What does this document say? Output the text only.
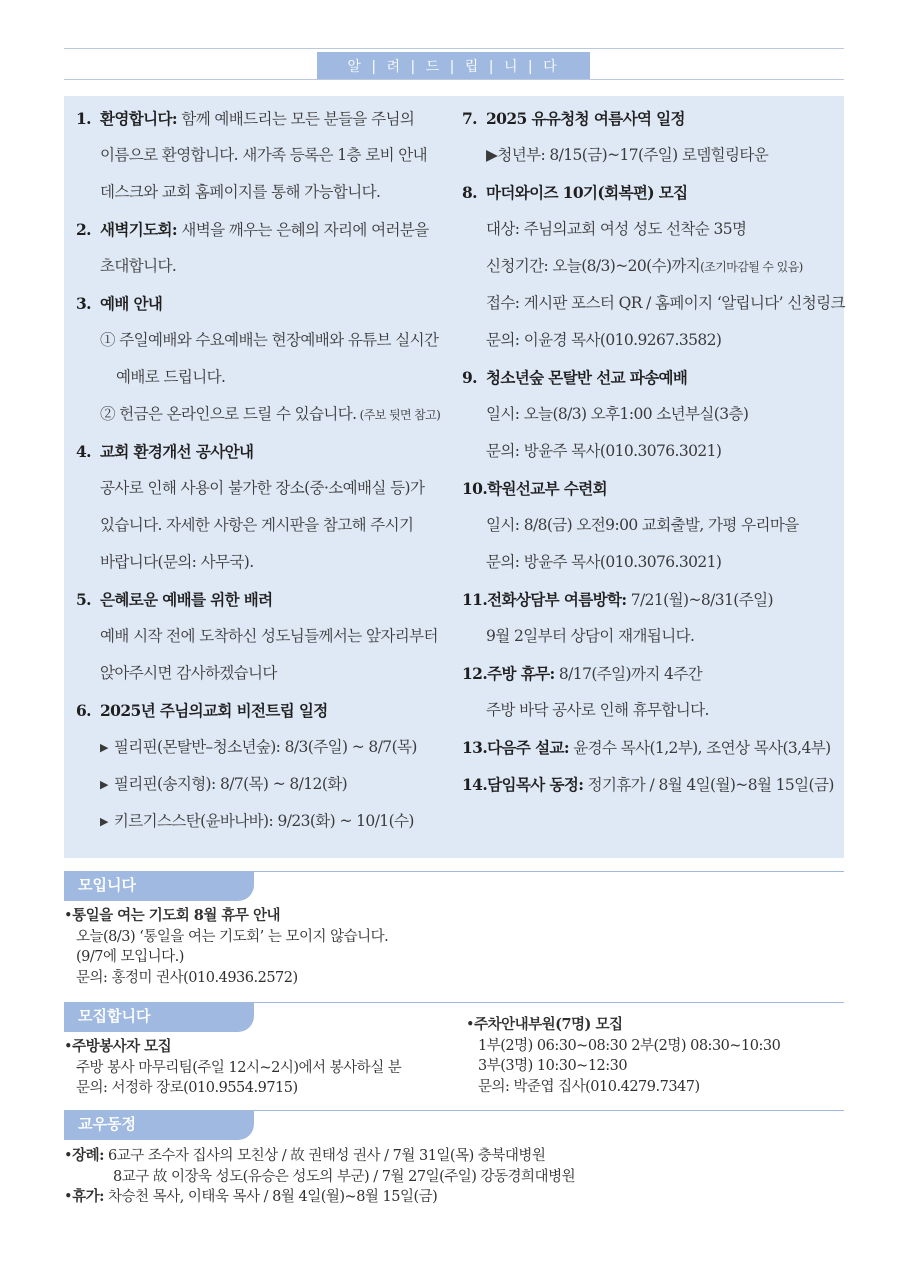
알 | 려 | 드 | 립 | 니 | 다
1. 환영합니다: 함께 예배드리는 모든 분들을 주님의
이름으로 환영합니다. 새가족 등록은 1층 로비 안내
데스크와 교회 홈페이지를 통해 가능합니다.
2. 새벽기도회: 새벽을 깨우는 은혜의 자리에 여러분을
초대합니다.
3. 예배 안내
① 주일예배와 수요예배는 현장예배와 유튜브 실시간
예배로 드립니다.
② 헌금은 온라인으로 드릴 수 있습니다. (주보 뒷면 참고)
4. 교회 환경개선 공사안내
공사로 인해 사용이 불가한 장소(중·소예배실 등)가
있습니다. 자세한 사항은 게시판을 참고해 주시기
바랍니다(문의: 사무국).
5. 은혜로운 예배를 위한 배려
예배 시작 전에 도착하신 성도님들께서는 앞자리부터
앉아주시면 감사하겠습니다
6. 2025년 주님의교회 비전트립 일정
▶ 필리핀(몬탈반–청소년숲): 8/3(주일) ~ 8/7(목)
▶ 필리핀(송지형): 8/7(목) ~ 8/12(화)
▶ 키르기스스탄(윤바나바): 9/23(화) ~ 10/1(수)
7. 2025 유유청청 여름사역 일정
▶청년부: 8/15(금)~17(주일) 로뎀힐링타운
8. 마더와이즈 10기(회복편) 모집
대상: 주님의교회 여성 성도 선착순 35명
신청기간: 오늘(8/3)~20(수)까지(조기마감될 수 있음)
접수: 게시판 포스터 QR / 홈페이지 ‘알립니다’ 신청링크
문의: 이윤경 목사(010.9267.3582)
9. 청소년숲 몬탈반 선교 파송예배
일시: 오늘(8/3) 오후1:00 소년부실(3층)
문의: 방윤주 목사(010.3076.3021)
10.학원선교부 수련회
일시: 8/8(금) 오전9:00 교회출발, 가평 우리마을
문의: 방윤주 목사(010.3076.3021)
11.전화상담부 여름방학: 7/21(월)~8/31(주일)
9월 2일부터 상담이 재개됩니다.
12.주방 휴무: 8/17(주일)까지 4주간
주방 바닥 공사로 인해 휴무합니다.
13.다음주 설교: 윤경수 목사(1,2부), 조연상 목사(3,4부)
14.담임목사 동정: 정기휴가 / 8월 4일(월)~8월 15일(금)
모입니다
•통일을 여는 기도회 8월 휴무 안내
오늘(8/3) ‘통일을 여는 기도회’ 는 모이지 않습니다.
(9/7에 모입니다.)
문의: 홍정미 권사(010.4936.2572)
모집합니다
•주방봉사자 모집
주방 봉사 마무리팀(주일 12시~2시)에서 봉사하실 분
문의: 서정하 장로(010.9554.9715)
•주차안내부원(7명) 모집
1부(2명) 06:30~08:30 2부(2명) 08:30~10:30
3부(3명) 10:30~12:30
문의: 박준엽 집사(010.4279.7347)
교우동정
•장례: 6교구 조수자 집사의 모친상 / 故 권태성 권사 / 7월 31일(목) 충북대병원
8교구 故 이장욱 성도(유승은 성도의 부군) / 7월 27일(주일) 강동경희대병원
•휴가: 차승천 목사, 이태욱 목사 / 8월 4일(월)~8월 15일(금)
